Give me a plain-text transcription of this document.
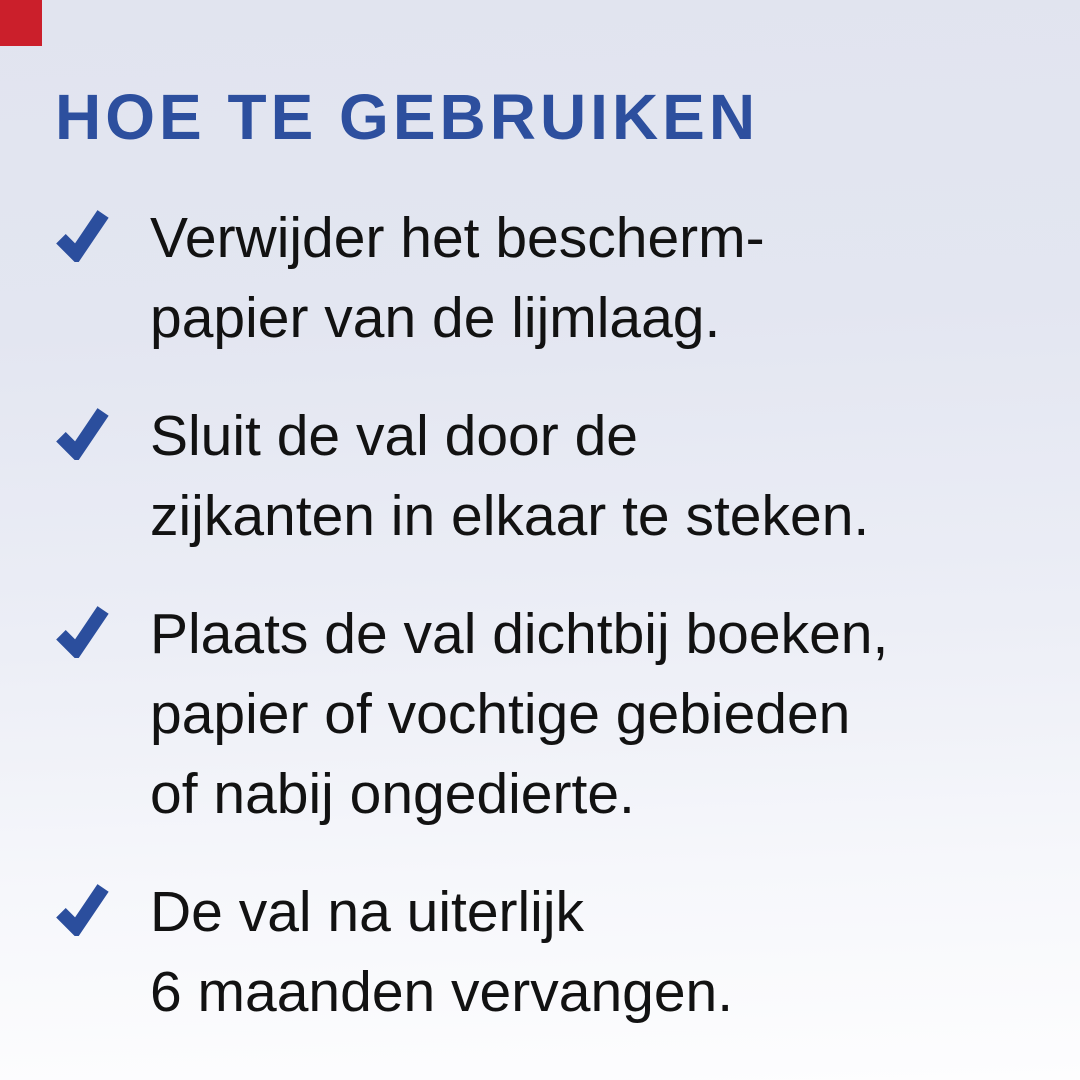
HOE TE GEBRUIKEN
Verwijder het bescherm-
papier van de lijmlaag.
Sluit de val door de
zijkanten in elkaar te steken.
Plaats de val dichtbij boeken,
papier of vochtige gebieden
of nabij ongedierte.
De val na uiterlijk
6 maanden vervangen.
